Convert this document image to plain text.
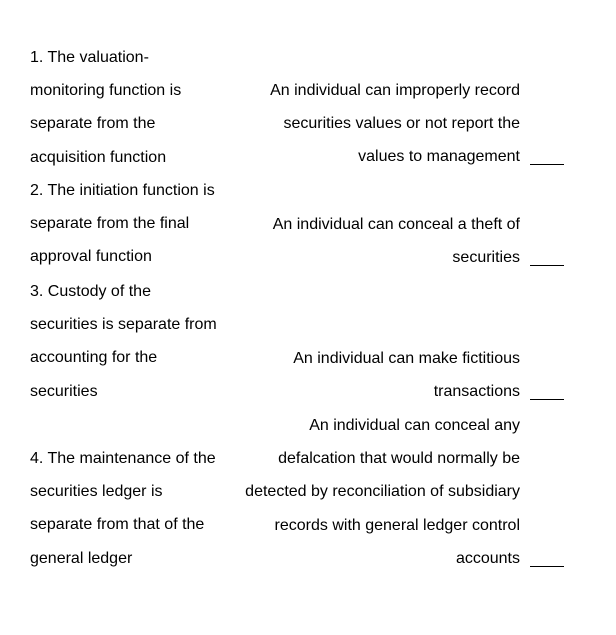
1. The valuation-
monitoring function is
separate from the
acquisition function
An individual can improperly record
securities values or not report the
values to management
2. The initiation function is
separate from the final
approval function
An individual can conceal a theft of
securities
3. Custody of the
securities is separate from
accounting for the
securities
An individual can make fictitious
transactions
4. The maintenance of the
securities ledger is
separate from that of the
general ledger
An individual can conceal any
defalcation that would normally be
detected by reconciliation of subsidiary
records with general ledger control
accounts
